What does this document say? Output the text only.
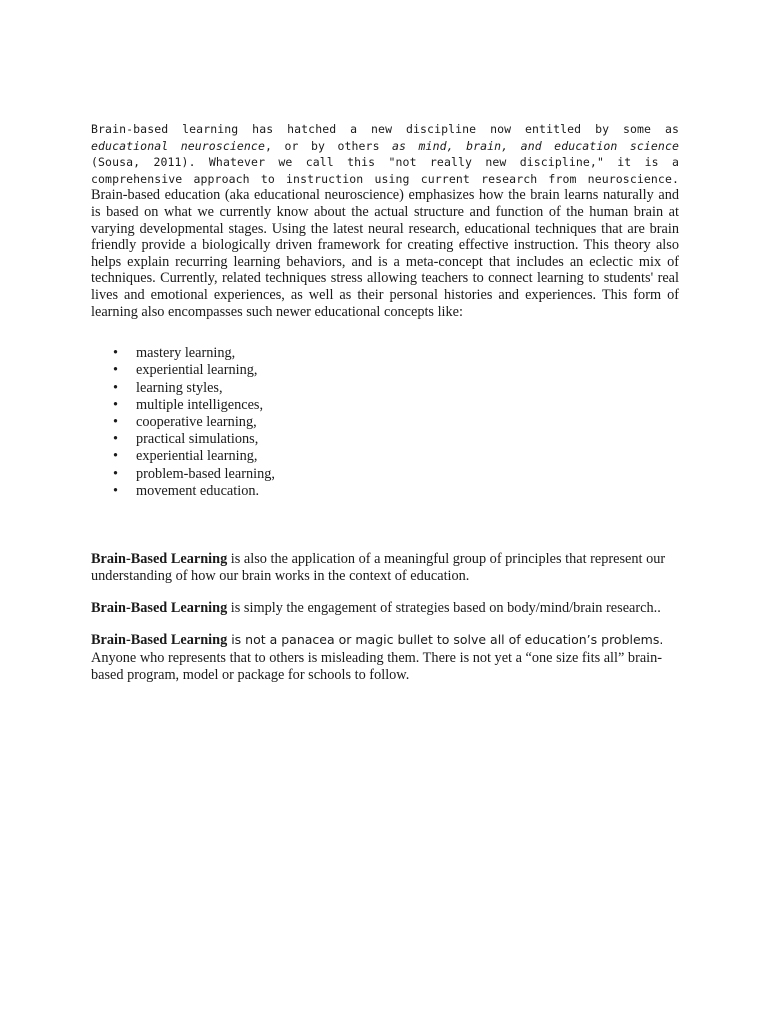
Brain-based learning has hatched a new discipline now entitled by some as educational neuroscience, or by others as mind, brain, and education science (Sousa, 2011). Whatever we call this "not really new discipline," it is a comprehensive approach to instruction using current research from neuroscience. Brain-based education (aka educational neuroscience) emphasizes how the brain learns naturally and is based on what we currently know about the actual structure and function of the human brain at varying developmental stages. Using the latest neural research, educational techniques that are brain friendly provide a biologically driven framework for creating effective instruction. This theory also helps explain recurring learning behaviors, and is a meta-concept that includes an eclectic mix of techniques. Currently, related techniques stress allowing teachers to connect learning to students' real lives and emotional experiences, as well as their personal histories and experiences. This form of learning also encompasses such newer educational concepts like:

• mastery learning,
• experiential learning,
• learning styles,
• multiple intelligences,
• cooperative learning,
• practical simulations,
• experiential learning,
• problem-based learning,
• movement education.

Brain-Based Learning is also the application of a meaningful group of principles that represent our understanding of how our brain works in the context of education.

Brain-Based Learning is simply the engagement of strategies based on body/mind/brain research..

Brain-Based Learning is not a panacea or magic bullet to solve all of education’s problems.
Anyone who represents that to others is misleading them. There is not yet a “one size fits all” brain-based program, model or package for schools to follow.
